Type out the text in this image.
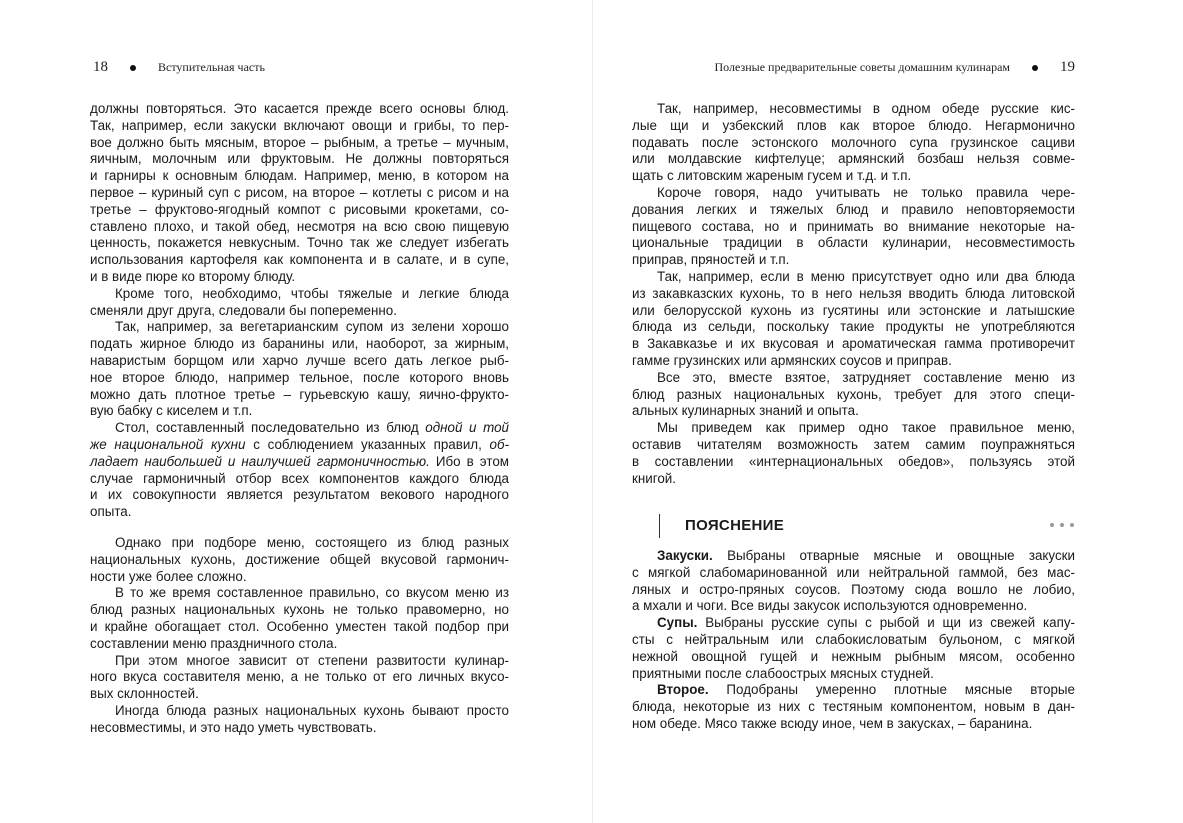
18	Вступительная часть	Полезные предварительные советы домашним кулинарам	19
должны повторяться. Это касается прежде всего основы блюд.
Так, например, если закуски включают овощи и грибы, то пер-
вое должно быть мясным, второе – рыбным, а третье – мучным,
яичным, молочным или фруктовым. Не должны повторяться
и гарниры к основным блюдам. Например, меню, в котором на
первое – куриный суп с рисом, на второе – котлеты с рисом и на
третье – фруктово-ягодный компот с рисовыми крокетами, со-
ставлено плохо, и такой обед, несмотря на всю свою пищевую
ценность, покажется невкусным. Точно так же следует избегать
использования картофеля как компонента и в салате, и в супе,
и в виде пюре ко второму блюду.
Кроме того, необходимо, чтобы тяжелые и легкие блюда
сменяли друг друга, следовали бы попеременно.
Так, например, за вегетарианским супом из зелени хорошо
подать жирное блюдо из баранины или, наоборот, за жирным,
наваристым борщом или харчо лучше всего дать легкое рыб-
ное второе блюдо, например тельное, после которого вновь
можно дать плотное третье – гурьевскую кашу, яично-фрукто-
вую бабку с киселем и т.п.
Стол, составленный последовательно из блюд одной и той
же национальной кухни с соблюдением указанных правил, об-
ладает наибольшей и наилучшей гармоничностью. Ибо в этом
случае гармоничный отбор всех компонентов каждого блюда
и их совокупности является результатом векового народного
опыта.
Однако при подборе меню, состоящего из блюд разных
национальных кухонь, достижение общей вкусовой гармонич-
ности уже более сложно.
В то же время составленное правильно, со вкусом меню из
блюд разных национальных кухонь не только правомерно, но
и крайне обогащает стол. Особенно уместен такой подбор при
составлении меню праздничного стола.
При этом многое зависит от степени развитости кулинар-
ного вкуса составителя меню, а не только от его личных вкусо-
вых склонностей.
Иногда блюда разных национальных кухонь бывают просто
несовместимы, и это надо уметь чувствовать.
Так, например, несовместимы в одном обеде русские кис-
лые щи и узбекский плов как второе блюдо. Негармонично
подавать после эстонского молочного супа грузинское сациви
или молдавские кифтелуце; армянский бозбаш нельзя совме-
щать с литовским жареным гусем и т.д. и т.п.
Короче говоря, надо учитывать не только правила чере-
дования легких и тяжелых блюд и правило неповторяемости
пищевого состава, но и принимать во внимание некоторые на-
циональные традиции в области кулинарии, несовместимость
приправ, пряностей и т.п.
Так, например, если в меню присутствует одно или два блюда
из закавказских кухонь, то в него нельзя вводить блюда литовской
или белорусской кухонь из гусятины или эстонские и латышские
блюда из сельди, поскольку такие продукты не употребляются
в Закавказье и их вкусовая и ароматическая гамма противоречит
гамме грузинских или армянских соусов и приправ.
Все это, вместе взятое, затрудняет составление меню из
блюд разных национальных кухонь, требует для этого специ-
альных кулинарных знаний и опыта.
Мы приведем как пример одно такое правильное меню,
оставив читателям возможность затем самим поупражняться
в составлении «интернациональных обедов», пользуясь этой
книгой.
ПОЯСНЕНИЕ
Закуски. Выбраны отварные мясные и овощные закуски
с мягкой слабомаринованной или нейтральной гаммой, без мас-
ляных и остро-пряных соусов. Поэтому сюда вошло не лобио,
а мхали и чоги. Все виды закусок используются одновременно.
Супы. Выбраны русские супы с рыбой и щи из свежей капу-
сты с нейтральным или слабокисловатым бульоном, с мягкой
нежной овощной гущей и нежным рыбным мясом, особенно
приятными после слабоострых мясных студней.
Второе. Подобраны умеренно плотные мясные вторые
блюда, некоторые из них с тестяным компонентом, новым в дан-
ном обеде. Мясо также всюду иное, чем в закусках, – баранина.
